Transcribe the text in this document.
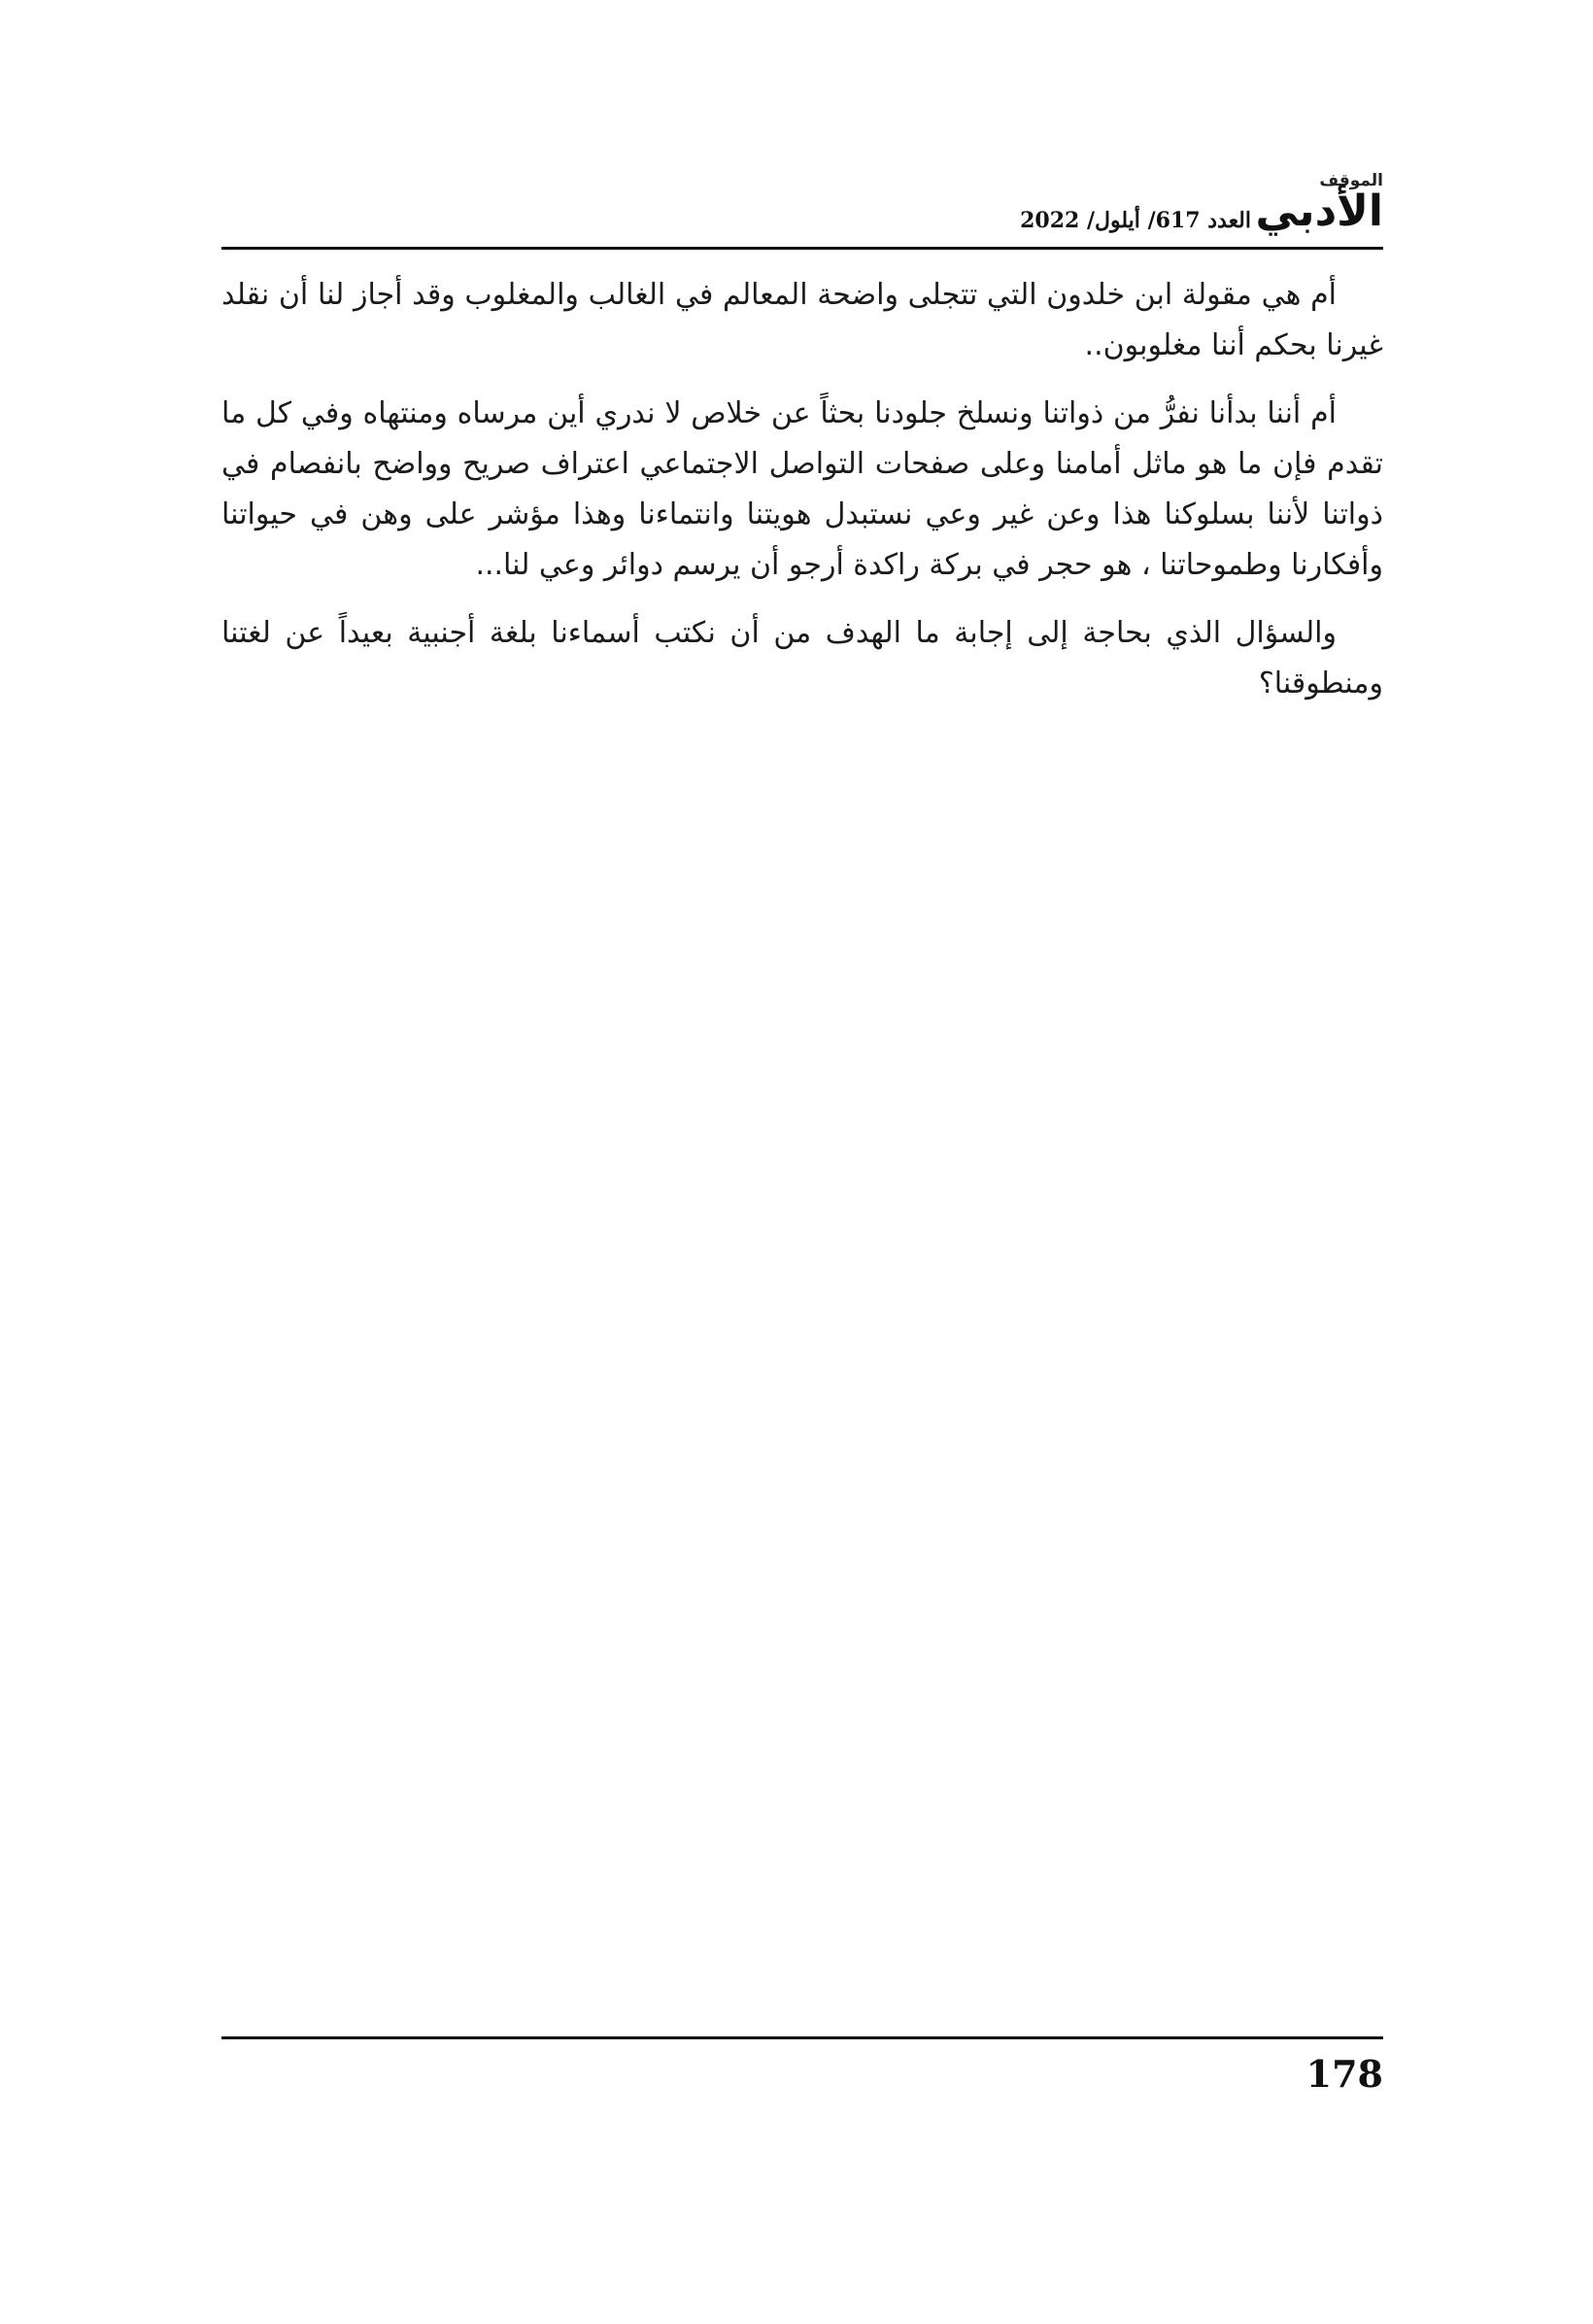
الموقف
الأدبي
العدد 617/ أيلول/ 2022

أم هي مقولة ابن خلدون التي تتجلى واضحة المعالم في الغالب والمغلوب وقد أجاز لنا أن نقلد غيرنا بحكم أننا مغلوبون..

أم أننا بدأنا نفرُّ من ذواتنا ونسلخ جلودنا بحثاً عن خلاص لا ندري أين مرساه ومنتهاه وفي كل ما تقدم فإن ما هو ماثل أمامنا وعلى صفحات التواصل الاجتماعي اعتراف صريح وواضح بانفصام في ذواتنا لأننا بسلوكنا هذا وعن غير وعي نستبدل هويتنا وانتماءنا وهذا مؤشر على وهن في حيواتنا وأفكارنا وطموحاتنا ، هو حجر في بركة راكدة أرجو أن يرسم دوائر وعي لنا...

والسؤال الذي بحاجة إلى إجابة ما الهدف من أن نكتب أسماءنا بلغة أجنبية بعيداً عن لغتنا ومنطوقنا؟

178
